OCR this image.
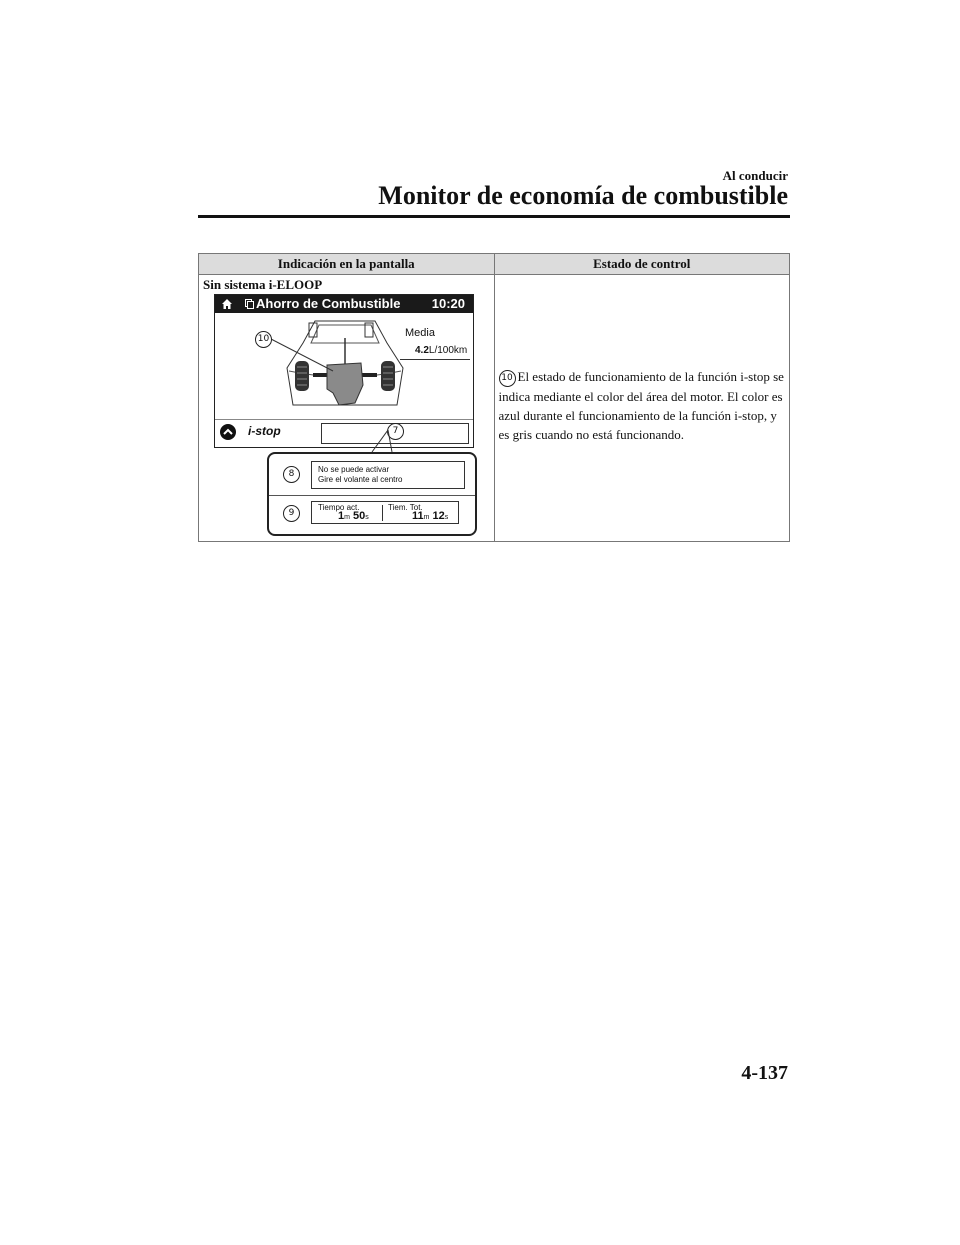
Al conducir
Monitor de economía de combustible
Indicación en la pantalla	Estado de control

Sin sistema i-ELOOP	10 El estado de funcionamiento de la función i-stop se indica mediante el color del área del motor. El color es azul durante el funcionamiento de la función i-stop, y es gris cuando no está funcionando.
Ahorro de Combustible 10:20
10	Media
4.2L/100km
i-stop	7
8	No se puede activar
Gire el volante al centro
9
Tiempo act.
1m 50s
Tiem. Tot.
11m 12s
4-137
